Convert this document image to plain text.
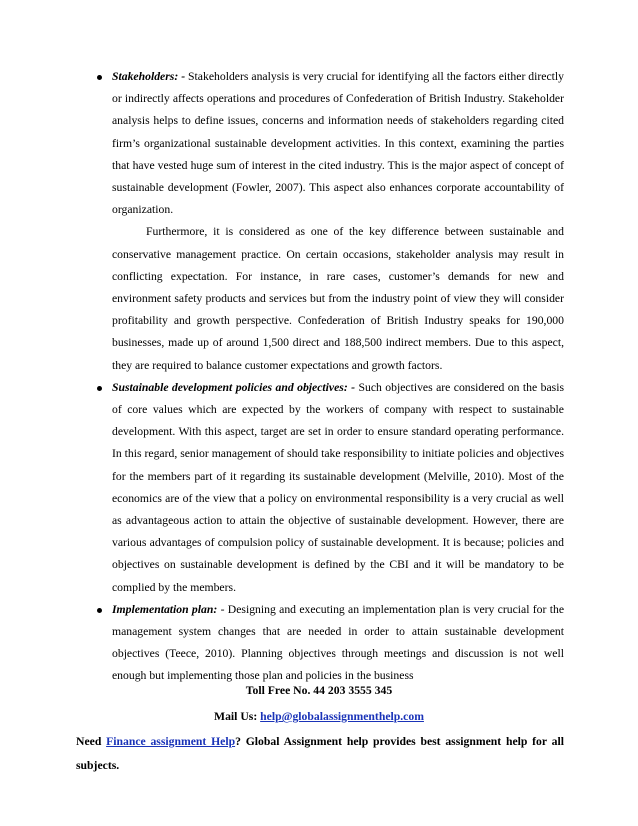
Stakeholders: - Stakeholders analysis is very crucial for identifying all the factors either directly or indirectly affects operations and procedures of Confederation of British Industry. Stakeholder analysis helps to define issues, concerns and information needs of stakeholders regarding cited firm’s organizational sustainable development activities. In this context, examining the parties that have vested huge sum of interest in the cited industry. This is the major aspect of concept of sustainable development (Fowler, 2007). This aspect also enhances corporate accountability of organization.

Furthermore, it is considered as one of the key difference between sustainable and conservative management practice. On certain occasions, stakeholder analysis may result in conflicting expectation. For instance, in rare cases, customer’s demands for new and environment safety products and services but from the industry point of view they will consider profitability and growth perspective. Confederation of British Industry speaks for 190,000 businesses, made up of around 1,500 direct and 188,500 indirect members. Due to this aspect, they are required to balance customer expectations and growth factors.

Sustainable development policies and objectives: - Such objectives are considered on the basis of core values which are expected by the workers of company with respect to sustainable development. With this aspect, target are set in order to ensure standard operating performance. In this regard, senior management of should take responsibility to initiate policies and objectives for the members part of it regarding its sustainable development (Melville, 2010). Most of the economics are of the view that a policy on environmental responsibility is a very crucial as well as advantageous action to attain the objective of sustainable development. However, there are various advantages of compulsion policy of sustainable development. It is because; policies and objectives on sustainable development is defined by the CBI and it will be mandatory to be complied by the members.

Implementation plan: - Designing and executing an implementation plan is very crucial for the management system changes that are needed in order to attain sustainable development objectives (Teece, 2010). Planning objectives through meetings and discussion is not well enough but implementing those plan and policies in the business

Toll Free No. 44 203 3555 345
Mail Us: help@globalassignmenthelp.com

Need Finance assignment Help? Global Assignment help provides best assignment help for all subjects.
